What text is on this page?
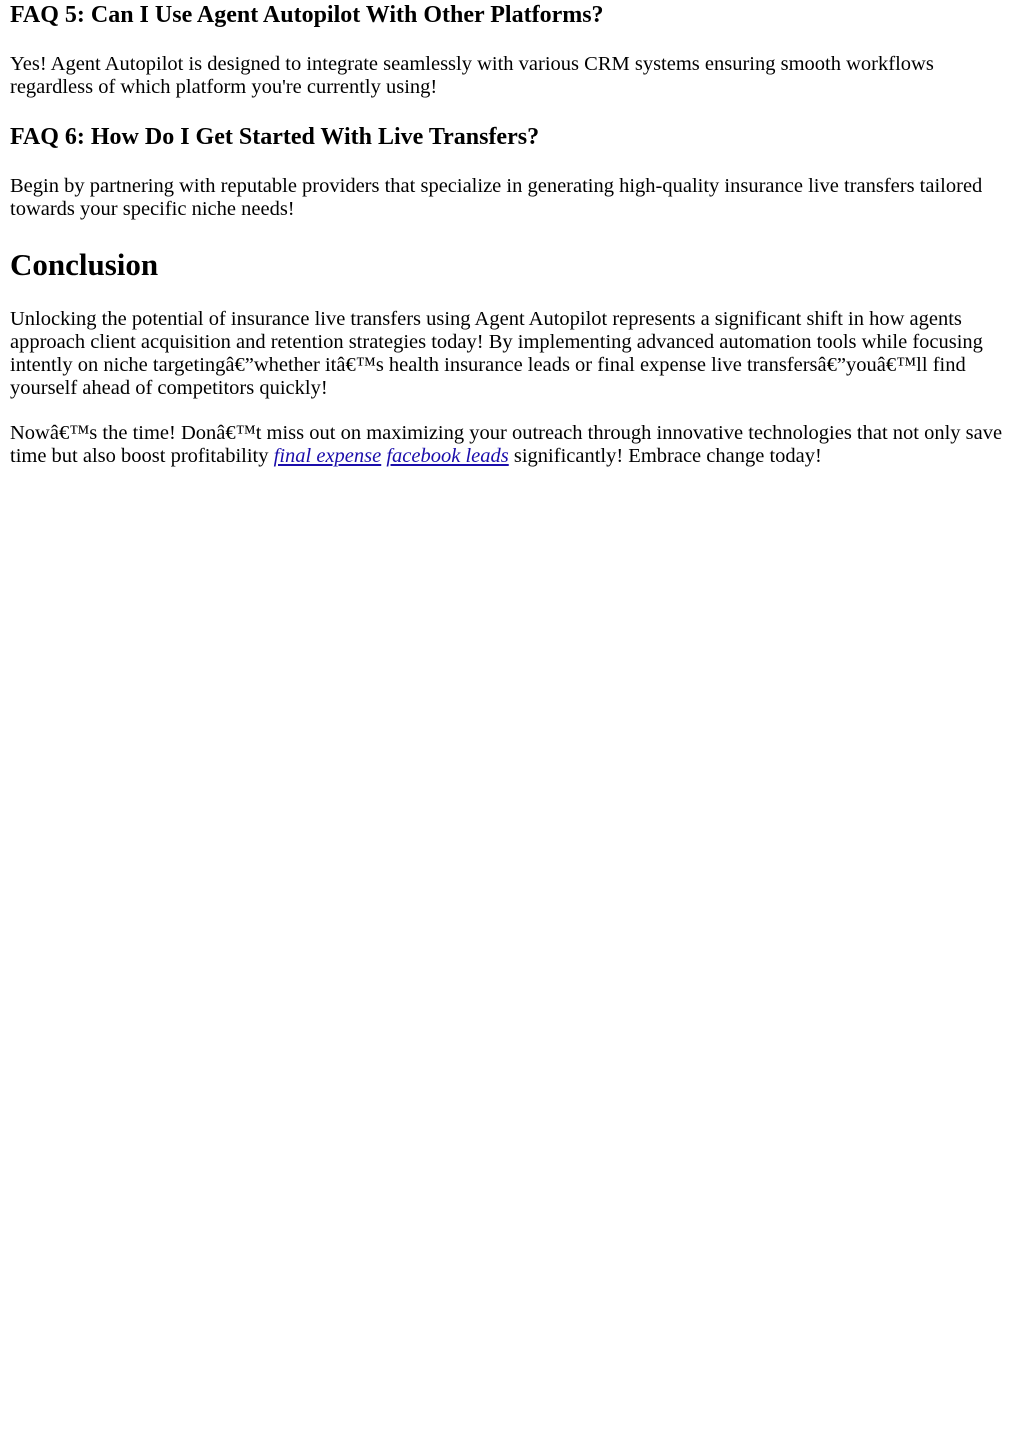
FAQ 5: Can I Use Agent Autopilot With Other Platforms?

Yes! Agent Autopilot is designed to integrate seamlessly with various CRM systems ensuring smooth workflows regardless of which platform you're currently using!

FAQ 6: How Do I Get Started With Live Transfers?

Begin by partnering with reputable providers that specialize in generating high-quality insurance live transfers tailored towards your specific niche needs!

Conclusion

Unlocking the potential of insurance live transfers using Agent Autopilot represents a significant shift in how agents approach client acquisition and retention strategies today! By implementing advanced automation tools while focusing intently on niche targetingâ€”whether itâ€™s health insurance leads or final expense live transfersâ€”youâ€™ll find yourself ahead of competitors quickly!

Nowâ€™s the time! Donâ€™t miss out on maximizing your outreach through innovative technologies that not only save time but also boost profitability final expense facebook leads significantly! Embrace change today!
